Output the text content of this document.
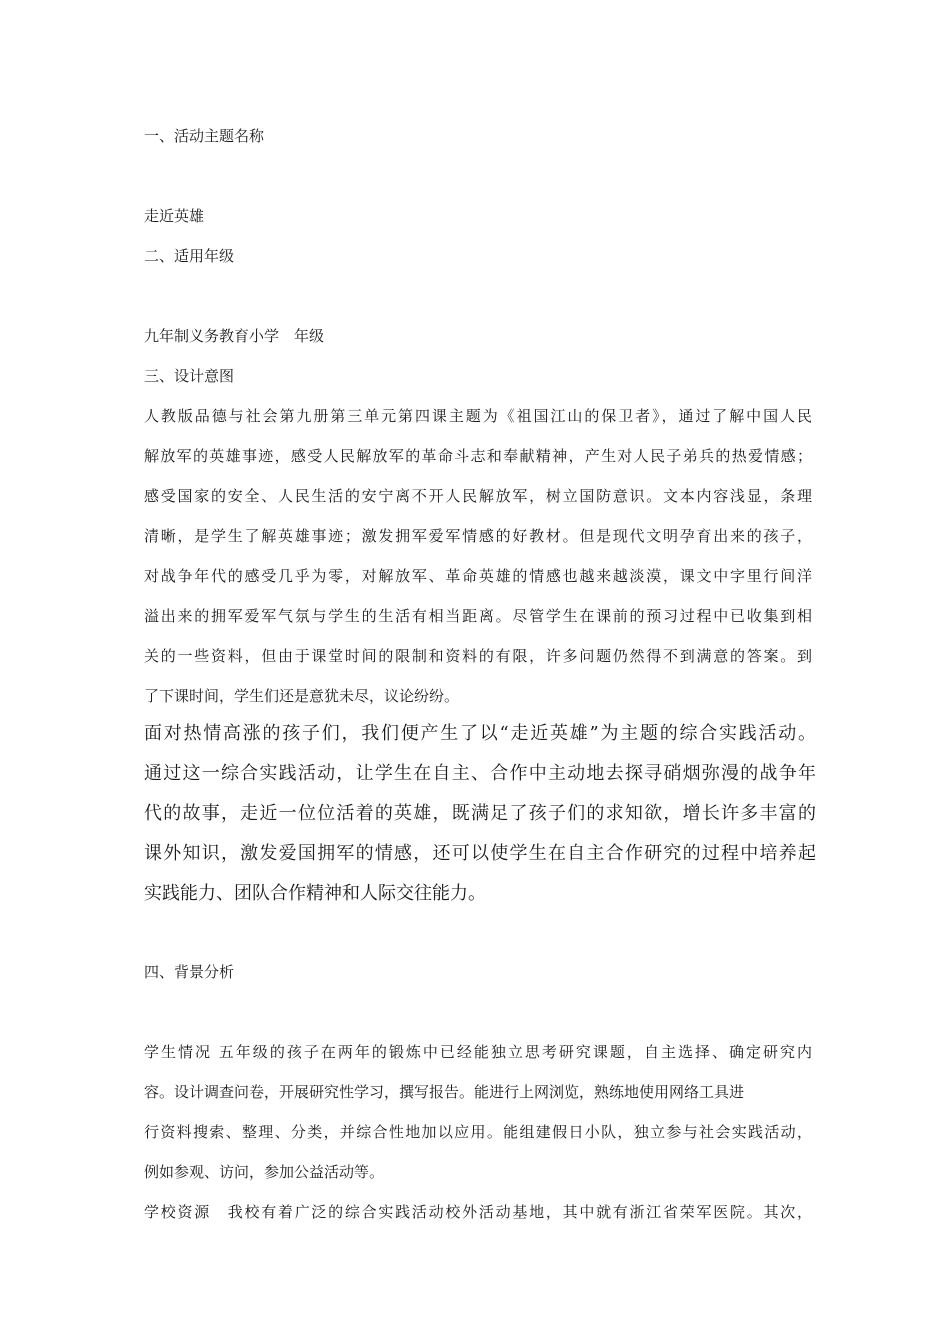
一、活动主题名称

走近英雄

二、适用年级

九年制义务教育小学　年级

三、设计意图

人教版品德与社会第九册第三单元第四课主题为《祖国江山的保卫者》，通过了解中国人民

解放军的英雄事迹，感受人民解放军的革命斗志和奉献精神，产生对人民子弟兵的热爱情感；

感受国家的安全、人民生活的安宁离不开人民解放军，树立国防意识。文本内容浅显，条理

清晰，是学生了解英雄事迹；激发拥军爱军情感的好教材。但是现代文明孕育出来的孩子，

对战争年代的感受几乎为零，对解放军、革命英雄的情感也越来越淡漠，课文中字里行间洋

溢出来的拥军爱军气氛与学生的生活有相当距离。尽管学生在课前的预习过程中已收集到相

关的一些资料，但由于课堂时间的限制和资料的有限，许多问题仍然得不到满意的答案。到

了下课时间，学生们还是意犹未尽，议论纷纷。

面对热情高涨的孩子们，我们便产生了以“走近英雄”为主题的综合实践活动。

通过这一综合实践活动，让学生在自主、合作中主动地去探寻硝烟弥漫的战争年

代的故事，走近一位位活着的英雄，既满足了孩子们的求知欲，增长许多丰富的

课外知识，激发爱国拥军的情感，还可以使学生在自主合作研究的过程中培养起

实践能力、团队合作精神和人际交往能力。

四、背景分析

学生情况 五年级的孩子在两年的锻炼中已经能独立思考研究课题，自主选择、确定研究内

容。设计调查问卷，开展研究性学习，撰写报告。能进行上网浏览，熟练地使用网络工具进

行资料搜索、整理、分类，并综合性地加以应用。能组建假日小队，独立参与社会实践活动，

例如参观、访问，参加公益活动等。

学校资源　我校有着广泛的综合实践活动校外活动基地，其中就有浙江省荣军医院。其次，
